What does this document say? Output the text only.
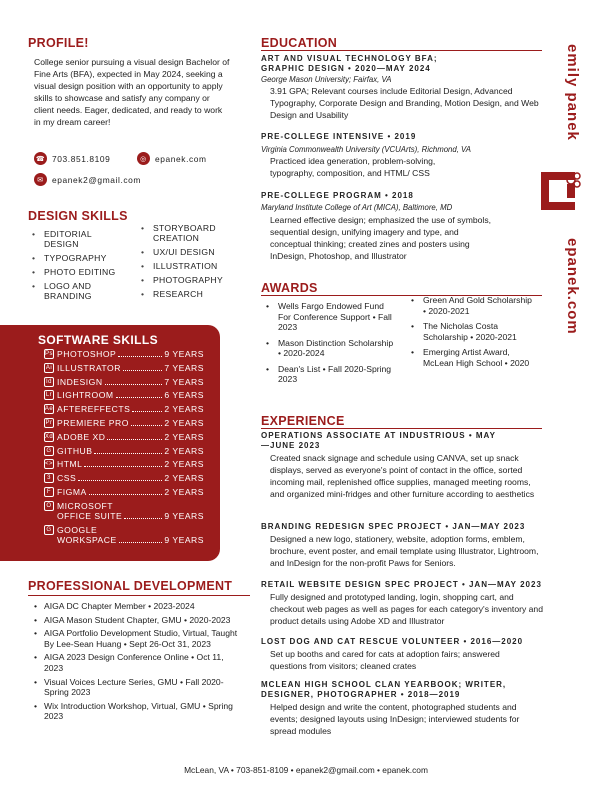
PROFILE!
College senior pursuing a visual design Bachelor of Fine Arts (BFA), expected in May 2024, seeking a visual design position with an opportunity to apply skills to showcase and satisfy any company or client needs. Eager, dedicated, and ready to work in my dream career!
☎ 703.851.8109	◎ epanek.com
✉ epanek2@gmail.com
DESIGN SKILLS
• EDITORIAL DESIGN
• TYPOGRAPHY
• PHOTO EDITING
• LOGO AND BRANDING
• STORYBOARD CREATION
• UX/UI DESIGN
• ILLUSTRATION
• PHOTOGRAPHY
• RESEARCH
SOFTWARE SKILLS
Ps PHOTOSHOP	9 YEARS
Ai ILLUSTRATOR	7 YEARS
Id INDESIGN	7 YEARS
Lr LIGHTROOM	6 YEARS
Ae AFTEREFFECTS	2 YEARS
Pr PREMIERE PRO	2 YEARS
Xd ADOBE XD	2 YEARS
G GITHUB	2 YEARS
<> HTML	2 YEARS
3 CSS	2 YEARS
F FIGMA	2 YEARS
O MICROSOFT
OFFICE SUITE	9 YEARS
G GOOGLE
WORKSPACE	9 YEARS
PROFESSIONAL DEVELOPMENT
• AIGA DC Chapter Member • 2023-2024
• AIGA Mason Student Chapter, GMU • 2020-2023
• AIGA Portfolio Development Studio, Virtual, Taught By Lee-Sean Huang • Sept 26-Oct 31, 2023
• AIGA 2023 Design Conference Online • Oct 11, 2023
• Visual Voices Lecture Series, GMU • Fall 2020-Spring 2023
• Wix Introduction Workshop, Virtual, GMU • Spring 2023
EDUCATION
ART AND VISUAL TECHNOLOGY BFA; GRAPHIC DESIGN • 2020—MAY 2024
George Mason University; Fairfax, VA
3.91 GPA; Relevant courses include Editorial Design, Advanced Typography, Corporate Design and Branding, Motion Design, and Web Design and Usability
PRE-COLLEGE INTENSIVE • 2019
Virginia Commonwealth University (VCUArts), Richmond, VA
Practiced idea generation, problem-solving, typography, composition, and HTML/ CSS
PRE-COLLEGE PROGRAM • 2018
Maryland Institute College of Art (MICA), Baltimore, MD
Learned effective design; emphasized the use of symbols, sequential design, unifying imagery and type, and conceptual thinking; created zines and posters using InDesign, Photoshop, and Illustrator
AWARDS
• Wells Fargo Endowed Fund For Conference Support • Fall 2023
• Mason Distinction Scholarship • 2020-2024
• Dean's List • Fall 2020-Spring 2023
• Green And Gold Scholarship • 2020-2021
• The Nicholas Costa Scholarship • 2020-2021
• Emerging Artist Award, McLean High School • 2020
EXPERIENCE
OPERATIONS ASSOCIATE AT INDUSTRIOUS • MAY—JUNE 2023
Created snack signage and schedule using CANVA, set up snack displays, served as everyone's point of contact in the office, sorted incoming mail, replenished office supplies, managed meeting rooms, and organized mini-fridges and other furniture according to aesthetics
BRANDING REDESIGN SPEC PROJECT • JAN—MAY 2023
Designed a new logo, stationery, website, adoption forms, emblem, brochure, event poster, and email template using Illustrator, Lightroom, and InDesign for the non-profit Paws for Seniors.
RETAIL WEBSITE DESIGN SPEC PROJECT • JAN—MAY 2023
Fully designed and prototyped landing, login, shopping cart, and checkout web pages as well as pages for each category's inventory and product details using Adobe XD and Illustrator
LOST DOG AND CAT RESCUE VOLUNTEER • 2016—2020
Set up booths and cared for cats at adoption fairs; answered questions from visitors; cleaned crates
MCLEAN HIGH SCHOOL CLAN YEARBOOK; WRITER, DESIGNER, PHOTOGRAPHER • 2018—2019
Helped design and write the content, photographed students and events; designed layouts using InDesign; interviewed students for spread modules
emily panek
epanek.com
McLean, VA • 703-851-8109 • epanek2@gmail.com • epanek.com
